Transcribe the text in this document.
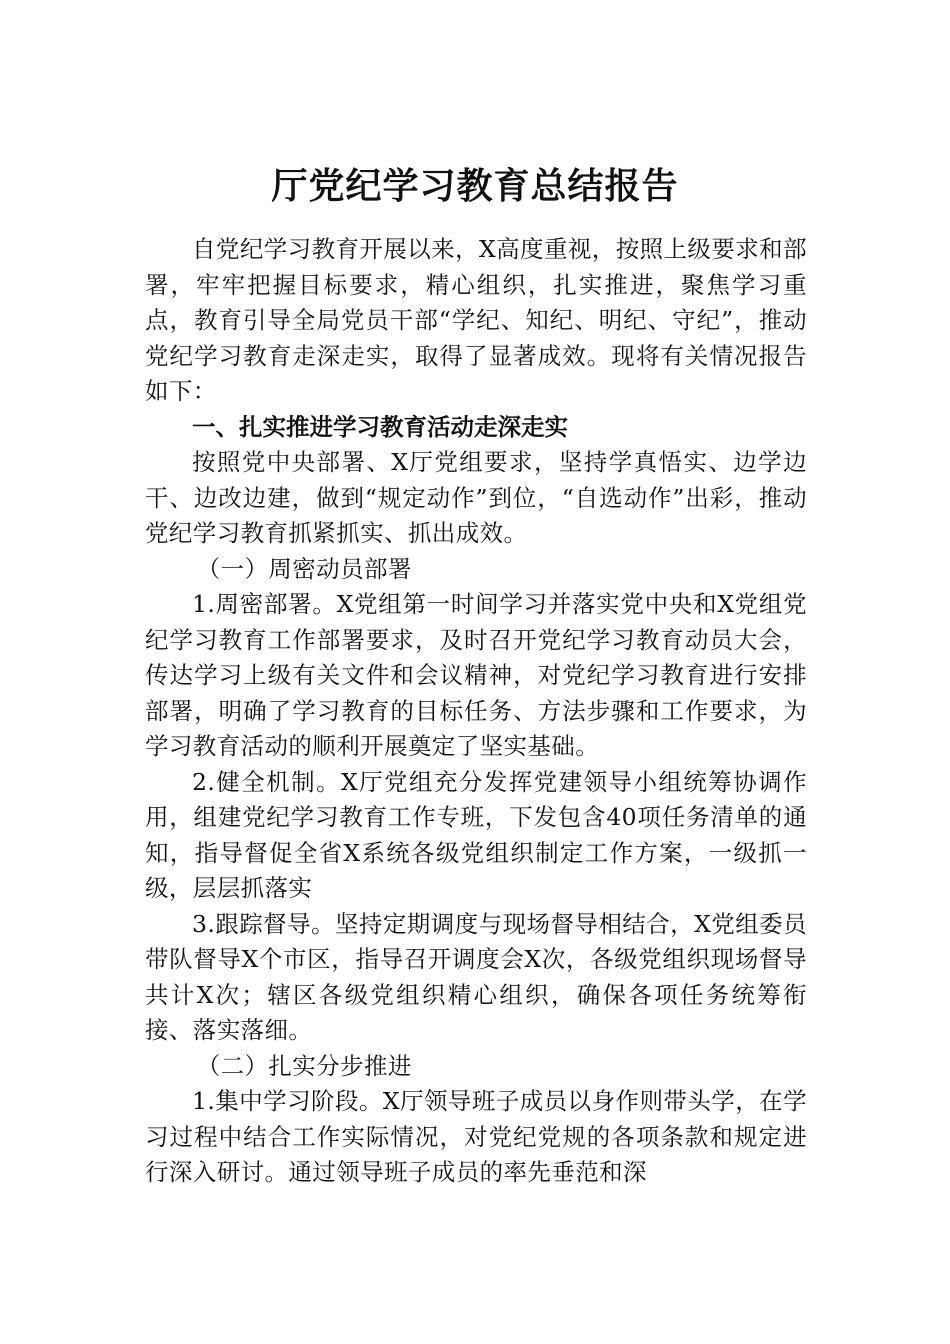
厅党纪学习教育总结报告

自党纪学习教育开展以来，X高度重视，按照上级要求和部署，牢牢把握目标要求，精心组织，扎实推进，聚焦学习重点，教育引导全局党员干部“学纪、知纪、明纪、守纪”，推动党纪学习教育走深走实，取得了显著成效。现将有关情况报告如下：

一、扎实推进学习教育活动走深走实

按照党中央部署、X厅党组要求，坚持学真悟实、边学边干、边改边建，做到“规定动作”到位，“自选动作”出彩，推动党纪学习教育抓紧抓实、抓出成效。

（一）周密动员部署

1.周密部署。X党组第一时间学习并落实党中央和X党组党纪学习教育工作部署要求，及时召开党纪学习教育动员大会，传达学习上级有关文件和会议精神，对党纪学习教育进行安排部署，明确了学习教育的目标任务、方法步骤和工作要求，为学习教育活动的顺利开展奠定了坚实基础。

2.健全机制。X厅党组充分发挥党建领导小组统筹协调作用，组建党纪学习教育工作专班，下发包含40项任务清单的通知，指导督促全省X系统各级党组织制定工作方案，一级抓一级，层层抓落实

3.跟踪督导。坚持定期调度与现场督导相结合，X党组委员带队督导X个市区，指导召开调度会X次，各级党组织现场督导共计X次；辖区各级党组织精心组织，确保各项任务统筹衔接、落实落细。

（二）扎实分步推进

1.集中学习阶段。X厅领导班子成员以身作则带头学，在学习过程中结合工作实际情况，对党纪党规的各项条款和规定进行深入研讨。通过领导班子成员的率先垂范和深
